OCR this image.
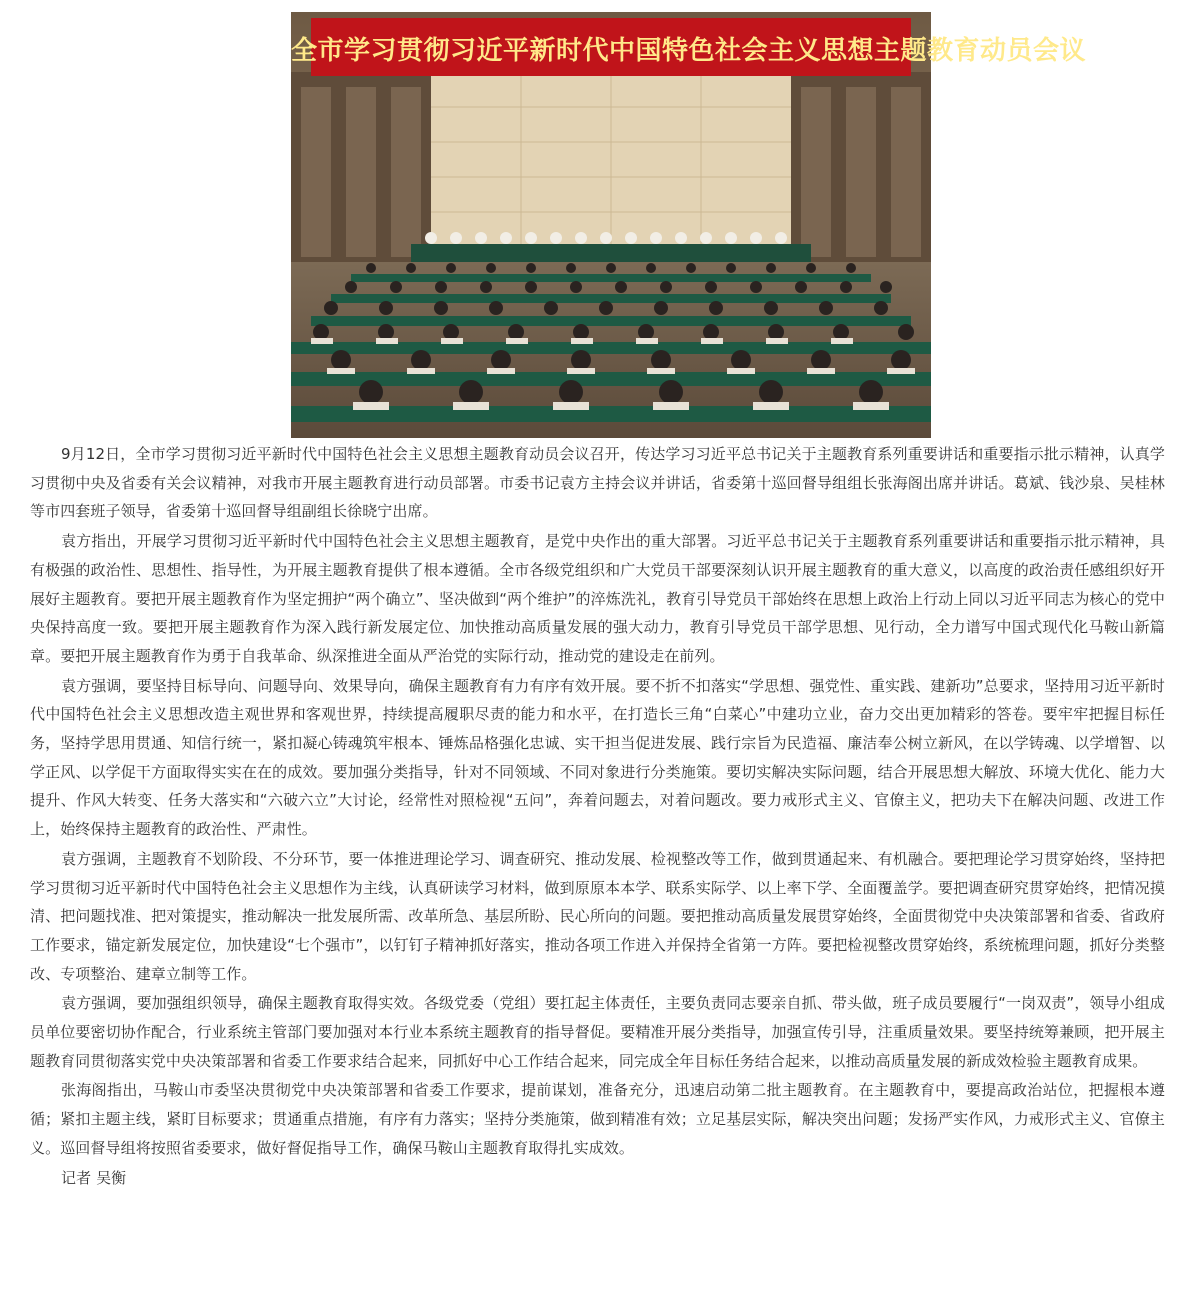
全市学习贯彻习近平新时代中国特色社会主义思想主题教育动员会议

9月12日，全市学习贯彻习近平新时代中国特色社会主义思想主题教育动员会议召开，传达学习习近平总书记关于主题教育系列重要讲话和重要指示批示精神，认真学习贯彻中央及省委有关会议精神，对我市开展主题教育进行动员部署。市委书记袁方主持会议并讲话，省委第十巡回督导组组长张海阁出席并讲话。葛斌、钱沙泉、吴桂林等市四套班子领导，省委第十巡回督导组副组长徐晓宁出席。

袁方指出，开展学习贯彻习近平新时代中国特色社会主义思想主题教育，是党中央作出的重大部署。习近平总书记关于主题教育系列重要讲话和重要指示批示精神，具有极强的政治性、思想性、指导性，为开展主题教育提供了根本遵循。全市各级党组织和广大党员干部要深刻认识开展主题教育的重大意义，以高度的政治责任感组织好开展好主题教育。要把开展主题教育作为坚定拥护“两个确立”、坚决做到“两个维护”的淬炼洗礼，教育引导党员干部始终在思想上政治上行动上同以习近平同志为核心的党中央保持高度一致。要把开展主题教育作为深入践行新发展定位、加快推动高质量发展的强大动力，教育引导党员干部学思想、见行动，全力谱写中国式现代化马鞍山新篇章。要把开展主题教育作为勇于自我革命、纵深推进全面从严治党的实际行动，推动党的建设走在前列。

袁方强调，要坚持目标导向、问题导向、效果导向，确保主题教育有力有序有效开展。要不折不扣落实“学思想、强党性、重实践、建新功”总要求，坚持用习近平新时代中国特色社会主义思想改造主观世界和客观世界，持续提高履职尽责的能力和水平，在打造长三角“白菜心”中建功立业，奋力交出更加精彩的答卷。要牢牢把握目标任务，坚持学思用贯通、知信行统一，紧扣凝心铸魂筑牢根本、锤炼品格强化忠诚、实干担当促进发展、践行宗旨为民造福、廉洁奉公树立新风，在以学铸魂、以学增智、以学正风、以学促干方面取得实实在在的成效。要加强分类指导，针对不同领域、不同对象进行分类施策。要切实解决实际问题，结合开展思想大解放、环境大优化、能力大提升、作风大转变、任务大落实和“六破六立”大讨论，经常性对照检视“五问”，奔着问题去，对着问题改。要力戒形式主义、官僚主义，把功夫下在解决问题、改进工作上，始终保持主题教育的政治性、严肃性。

袁方强调，主题教育不划阶段、不分环节，要一体推进理论学习、调查研究、推动发展、检视整改等工作，做到贯通起来、有机融合。要把理论学习贯穿始终，坚持把学习贯彻习近平新时代中国特色社会主义思想作为主线，认真研读学习材料，做到原原本本学、联系实际学、以上率下学、全面覆盖学。要把调查研究贯穿始终，把情况摸清、把问题找准、把对策提实，推动解决一批发展所需、改革所急、基层所盼、民心所向的问题。要把推动高质量发展贯穿始终，全面贯彻党中央决策部署和省委、省政府工作要求，锚定新发展定位，加快建设“七个强市”，以钉钉子精神抓好落实，推动各项工作进入并保持全省第一方阵。要把检视整改贯穿始终，系统梳理问题，抓好分类整改、专项整治、建章立制等工作。

袁方强调，要加强组织领导，确保主题教育取得实效。各级党委（党组）要扛起主体责任，主要负责同志要亲自抓、带头做，班子成员要履行“一岗双责”，领导小组成员单位要密切协作配合，行业系统主管部门要加强对本行业本系统主题教育的指导督促。要精准开展分类指导，加强宣传引导，注重质量效果。要坚持统筹兼顾，把开展主题教育同贯彻落实党中央决策部署和省委工作要求结合起来，同抓好中心工作结合起来，同完成全年目标任务结合起来，以推动高质量发展的新成效检验主题教育成果。

张海阁指出，马鞍山市委坚决贯彻党中央决策部署和省委工作要求，提前谋划，准备充分，迅速启动第二批主题教育。在主题教育中，要提高政治站位，把握根本遵循；紧扣主题主线，紧盯目标要求；贯通重点措施，有序有力落实；坚持分类施策，做到精准有效；立足基层实际，解决突出问题；发扬严实作风，力戒形式主义、官僚主义。巡回督导组将按照省委要求，做好督促指导工作，确保马鞍山主题教育取得扎实成效。

记者 吴衡
